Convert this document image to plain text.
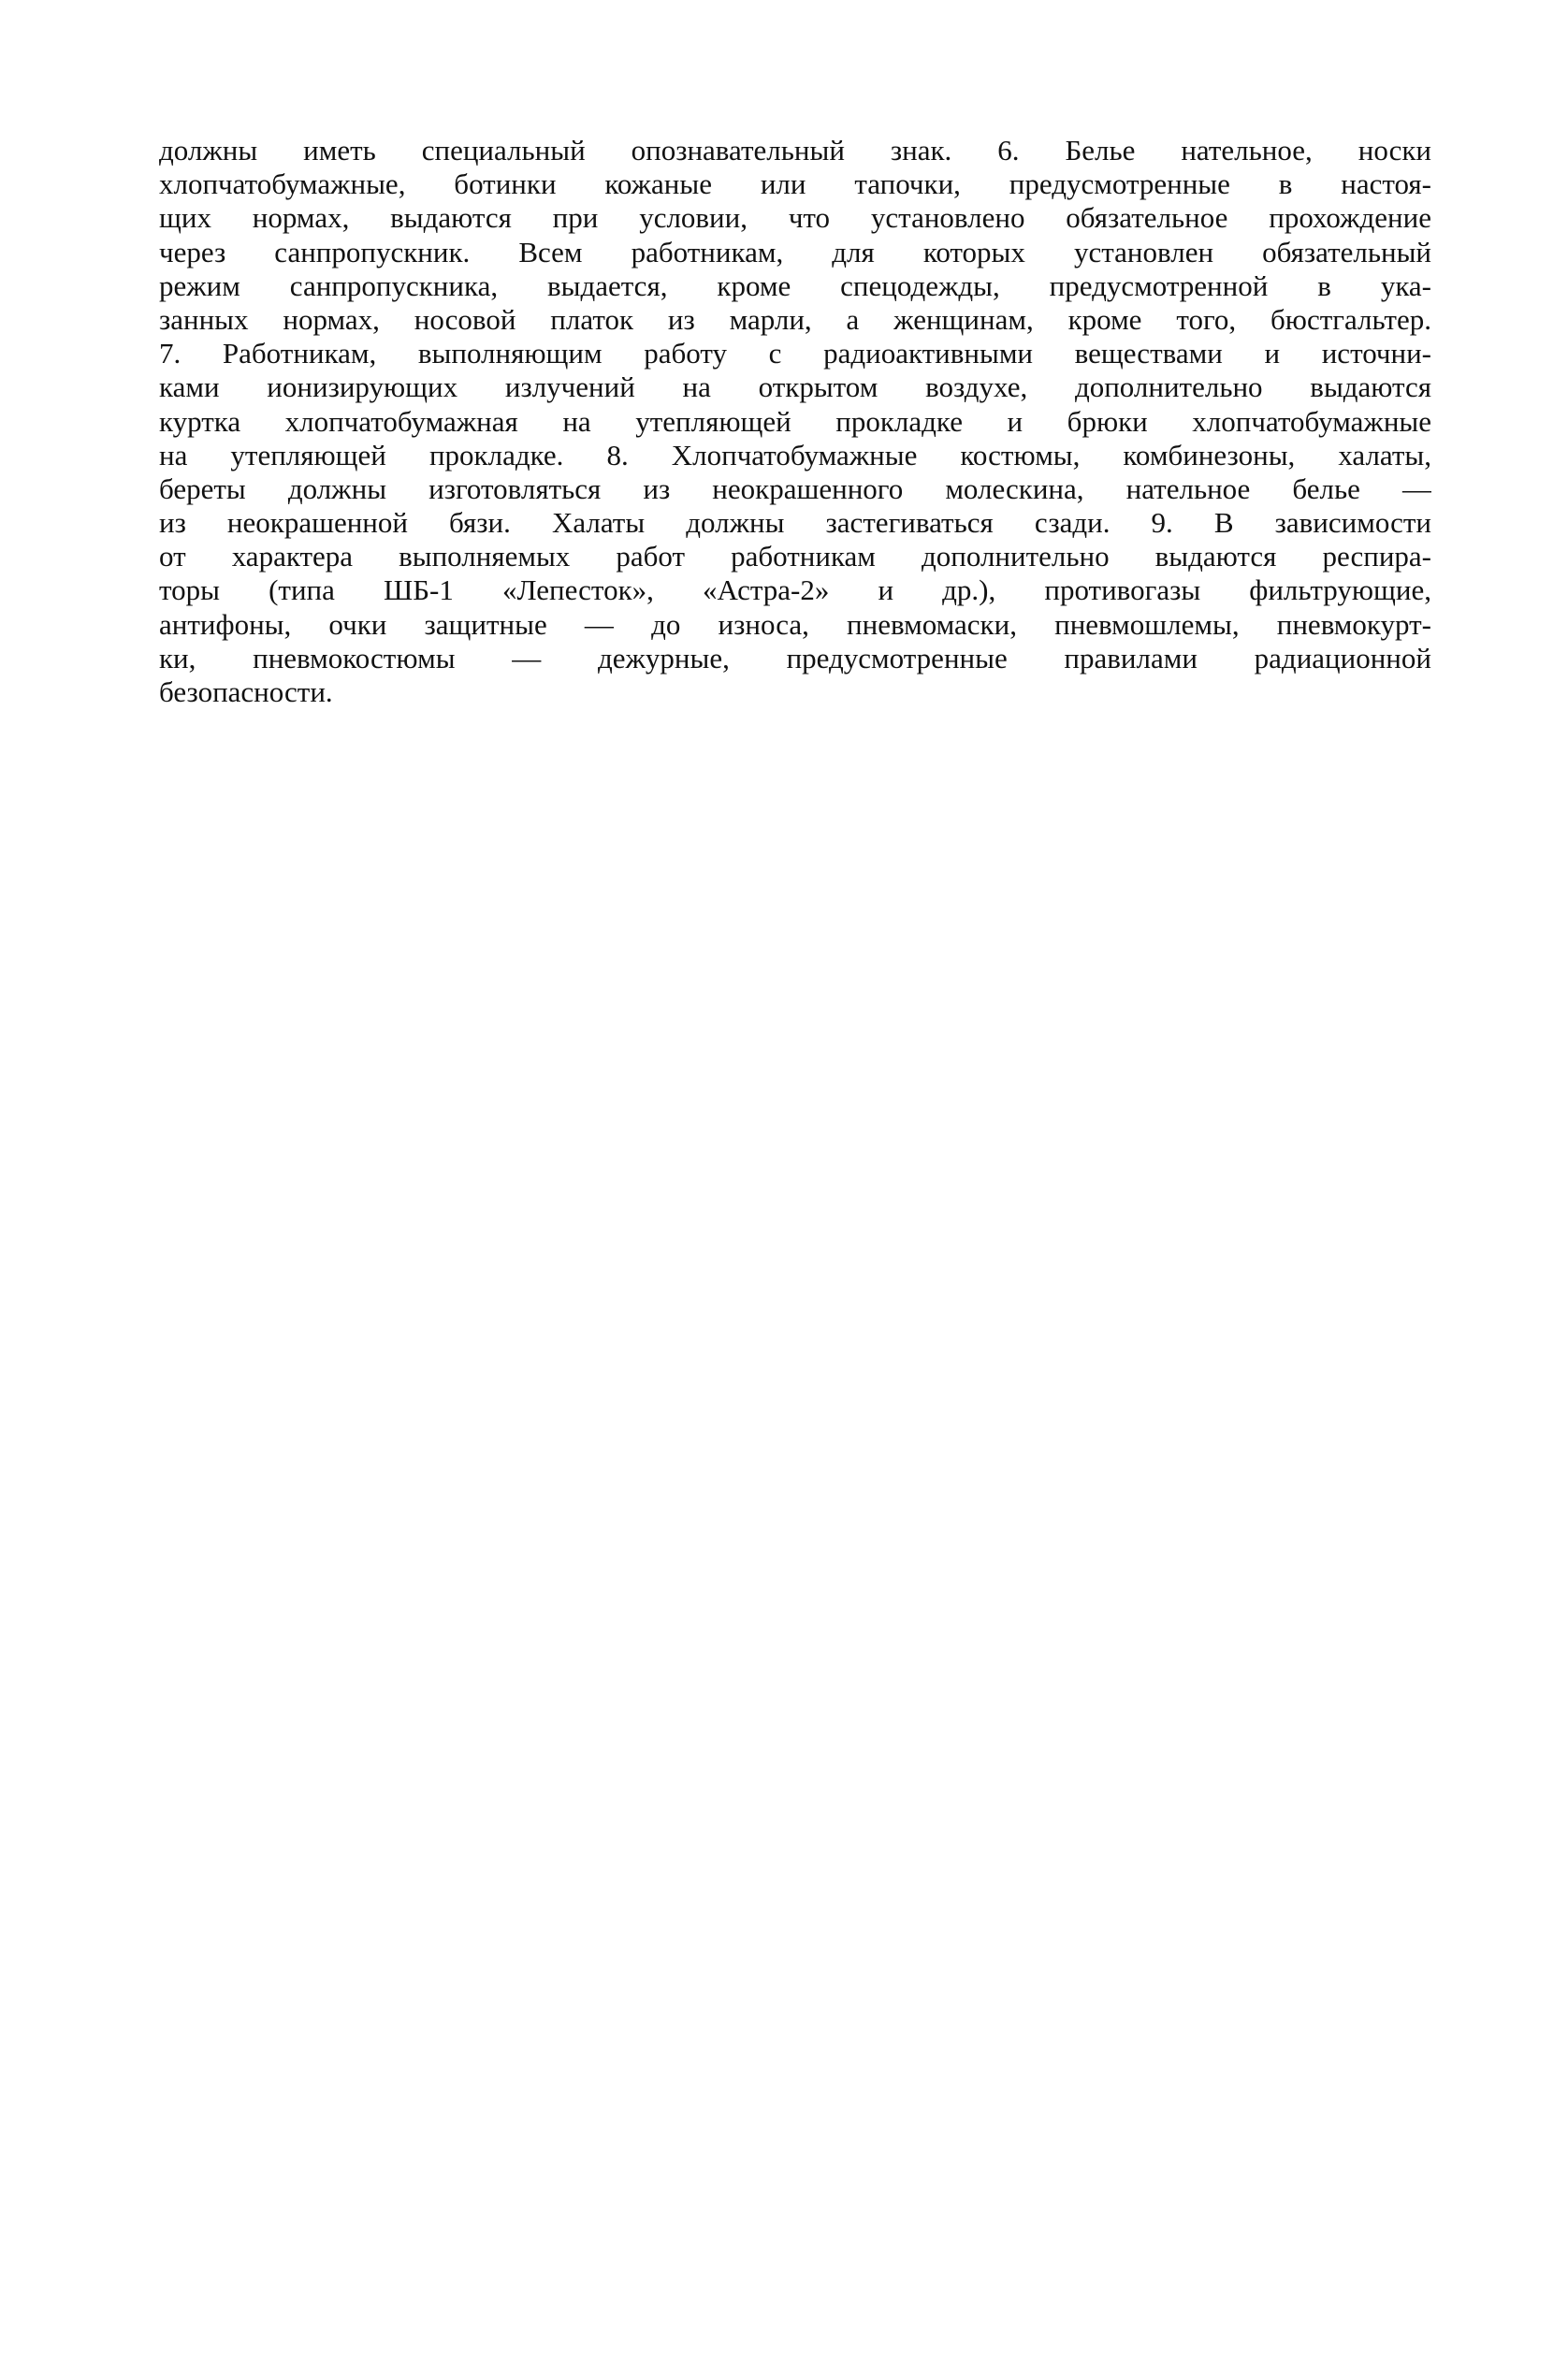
должны иметь специальный опознавательный знак. 6. Белье нательное, носки
хлопчатобумажные, ботинки кожаные или тапочки, предусмотренные в настоя-
щих нормах, выдаются при условии, что установлено обязательное прохождение
через санпропускник. Всем работникам, для которых установлен обязательный
режим санпропускника, выдается, кроме спецодежды, предусмотренной в ука-
занных нормах, носовой платок из марли, а женщинам, кроме того, бюстгальтер.
7. Работникам, выполняющим работу с радиоактивными веществами и источни-
ками ионизирующих излучений на открытом воздухе, дополнительно выдаются
куртка хлопчатобумажная на утепляющей прокладке и брюки хлопчатобумажные
на утепляющей прокладке. 8. Хлопчатобумажные костюмы, комбинезоны, халаты,
береты должны изготовляться из неокрашенного молескина, нательное белье —
из неокрашенной бязи. Халаты должны застегиваться сзади. 9. В зависимости
от характера выполняемых работ работникам дополнительно выдаются респира-
торы (типа ШБ-1 «Лепесток», «Астра-2» и др.), противогазы фильтрующие,
антифоны, очки защитные — до износа, пневмомаски, пневмошлемы, пневмокурт-
ки, пневмокостюмы — дежурные, предусмотренные правилами радиационной
безопасности.
